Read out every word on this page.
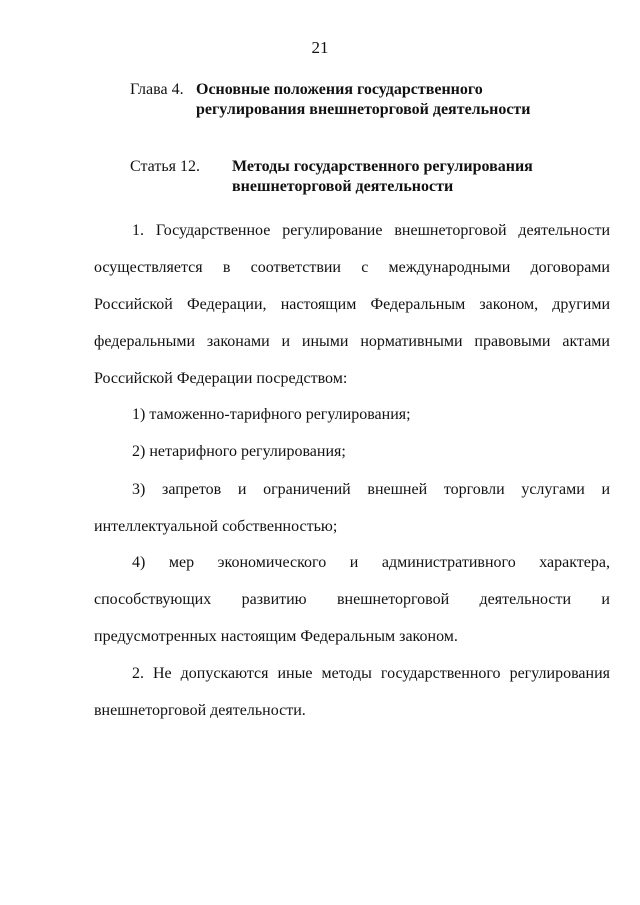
21
Глава 4. Основные положения государственного
регулирования внешнеторговой деятельности
Статья 12. Методы государственного регулирования
внешнеторговой деятельности
1. Государственное регулирование внешнеторговой деятельности
осуществляется в соответствии с международными договорами
Российской Федерации, настоящим Федеральным законом, другими
федеральными законами и иными нормативными правовыми актами
Российской Федерации посредством:
1) таможенно-тарифного регулирования;
2) нетарифного регулирования;
3) запретов и ограничений внешней торговли услугами и
интеллектуальной собственностью;
4) мер экономического и административного характера,
способствующих развитию внешнеторговой деятельности и
предусмотренных настоящим Федеральным законом.
2. Не допускаются иные методы государственного регулирования
внешнеторговой деятельности.
